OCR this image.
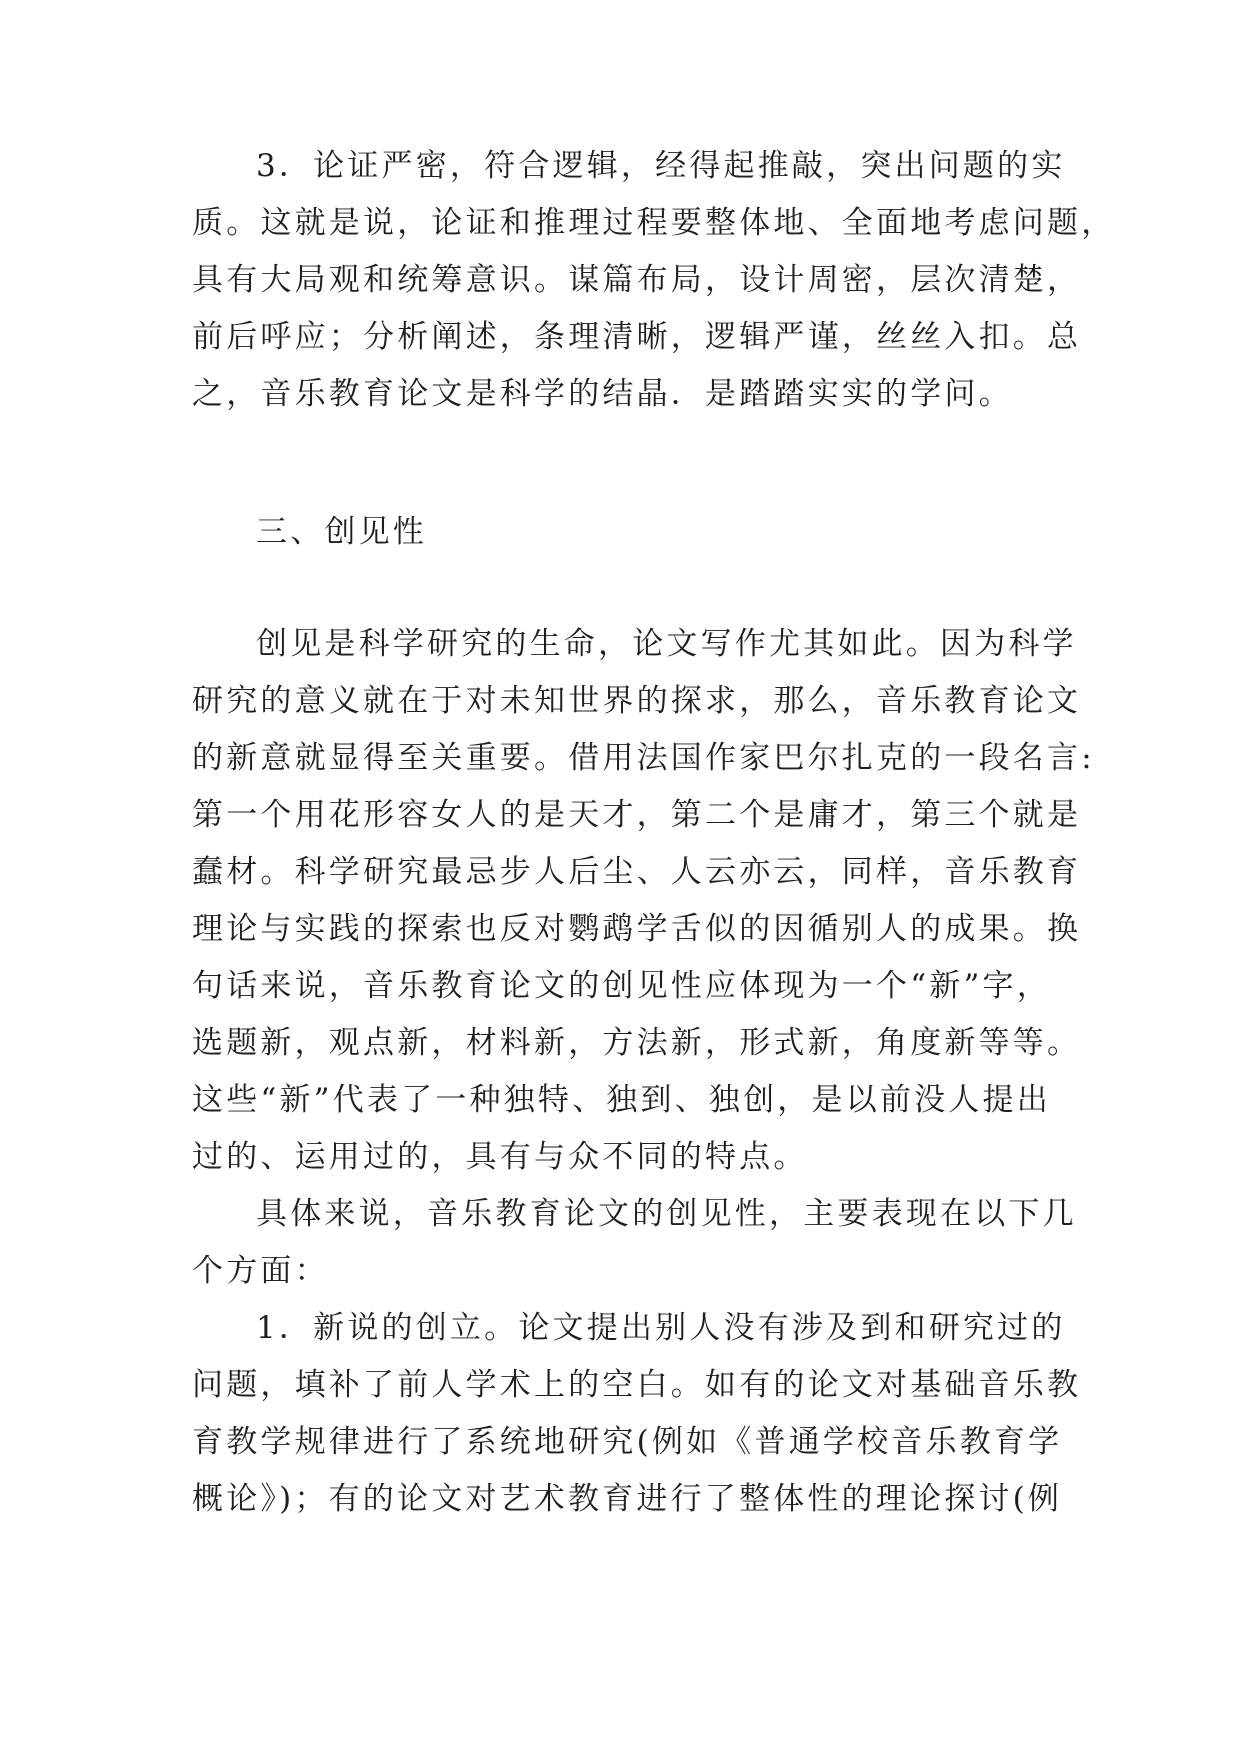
3．论证严密，符合逻辑，经得起推敲，突出问题的实

质。这就是说，论证和推理过程要整体地、全面地考虑问题，

具有大局观和统筹意识。谋篇布局，设计周密，层次清楚，

前后呼应；分析阐述，条理清晰，逻辑严谨，丝丝入扣。总

之，音乐教育论文是科学的结晶．是踏踏实实的学问。

三、创见性

创见是科学研究的生命，论文写作尤其如此。因为科学

研究的意义就在于对未知世界的探求，那么，音乐教育论文

的新意就显得至关重要。借用法国作家巴尔扎克的一段名言:

第一个用花形容女人的是天才，第二个是庸才，第三个就是

蠢材。科学研究最忌步人后尘、人云亦云，同样，音乐教育

理论与实践的探索也反对鹦鹉学舌似的因循别人的成果。换

句话来说，音乐教育论文的创见性应体现为一个“新”字，

选题新，观点新，材料新，方法新，形式新，角度新等等。

这些“新”代表了一种独特、独到、独创，是以前没人提出

过的、运用过的，具有与众不同的特点。

具体来说，音乐教育论文的创见性，主要表现在以下几

个方面：

1．新说的创立。论文提出别人没有涉及到和研究过的

问题，填补了前人学术上的空白。如有的论文对基础音乐教

育教学规律进行了系统地研究(例如《普通学校音乐教育学

概论》)；有的论文对艺术教育进行了整体性的理论探讨(例
